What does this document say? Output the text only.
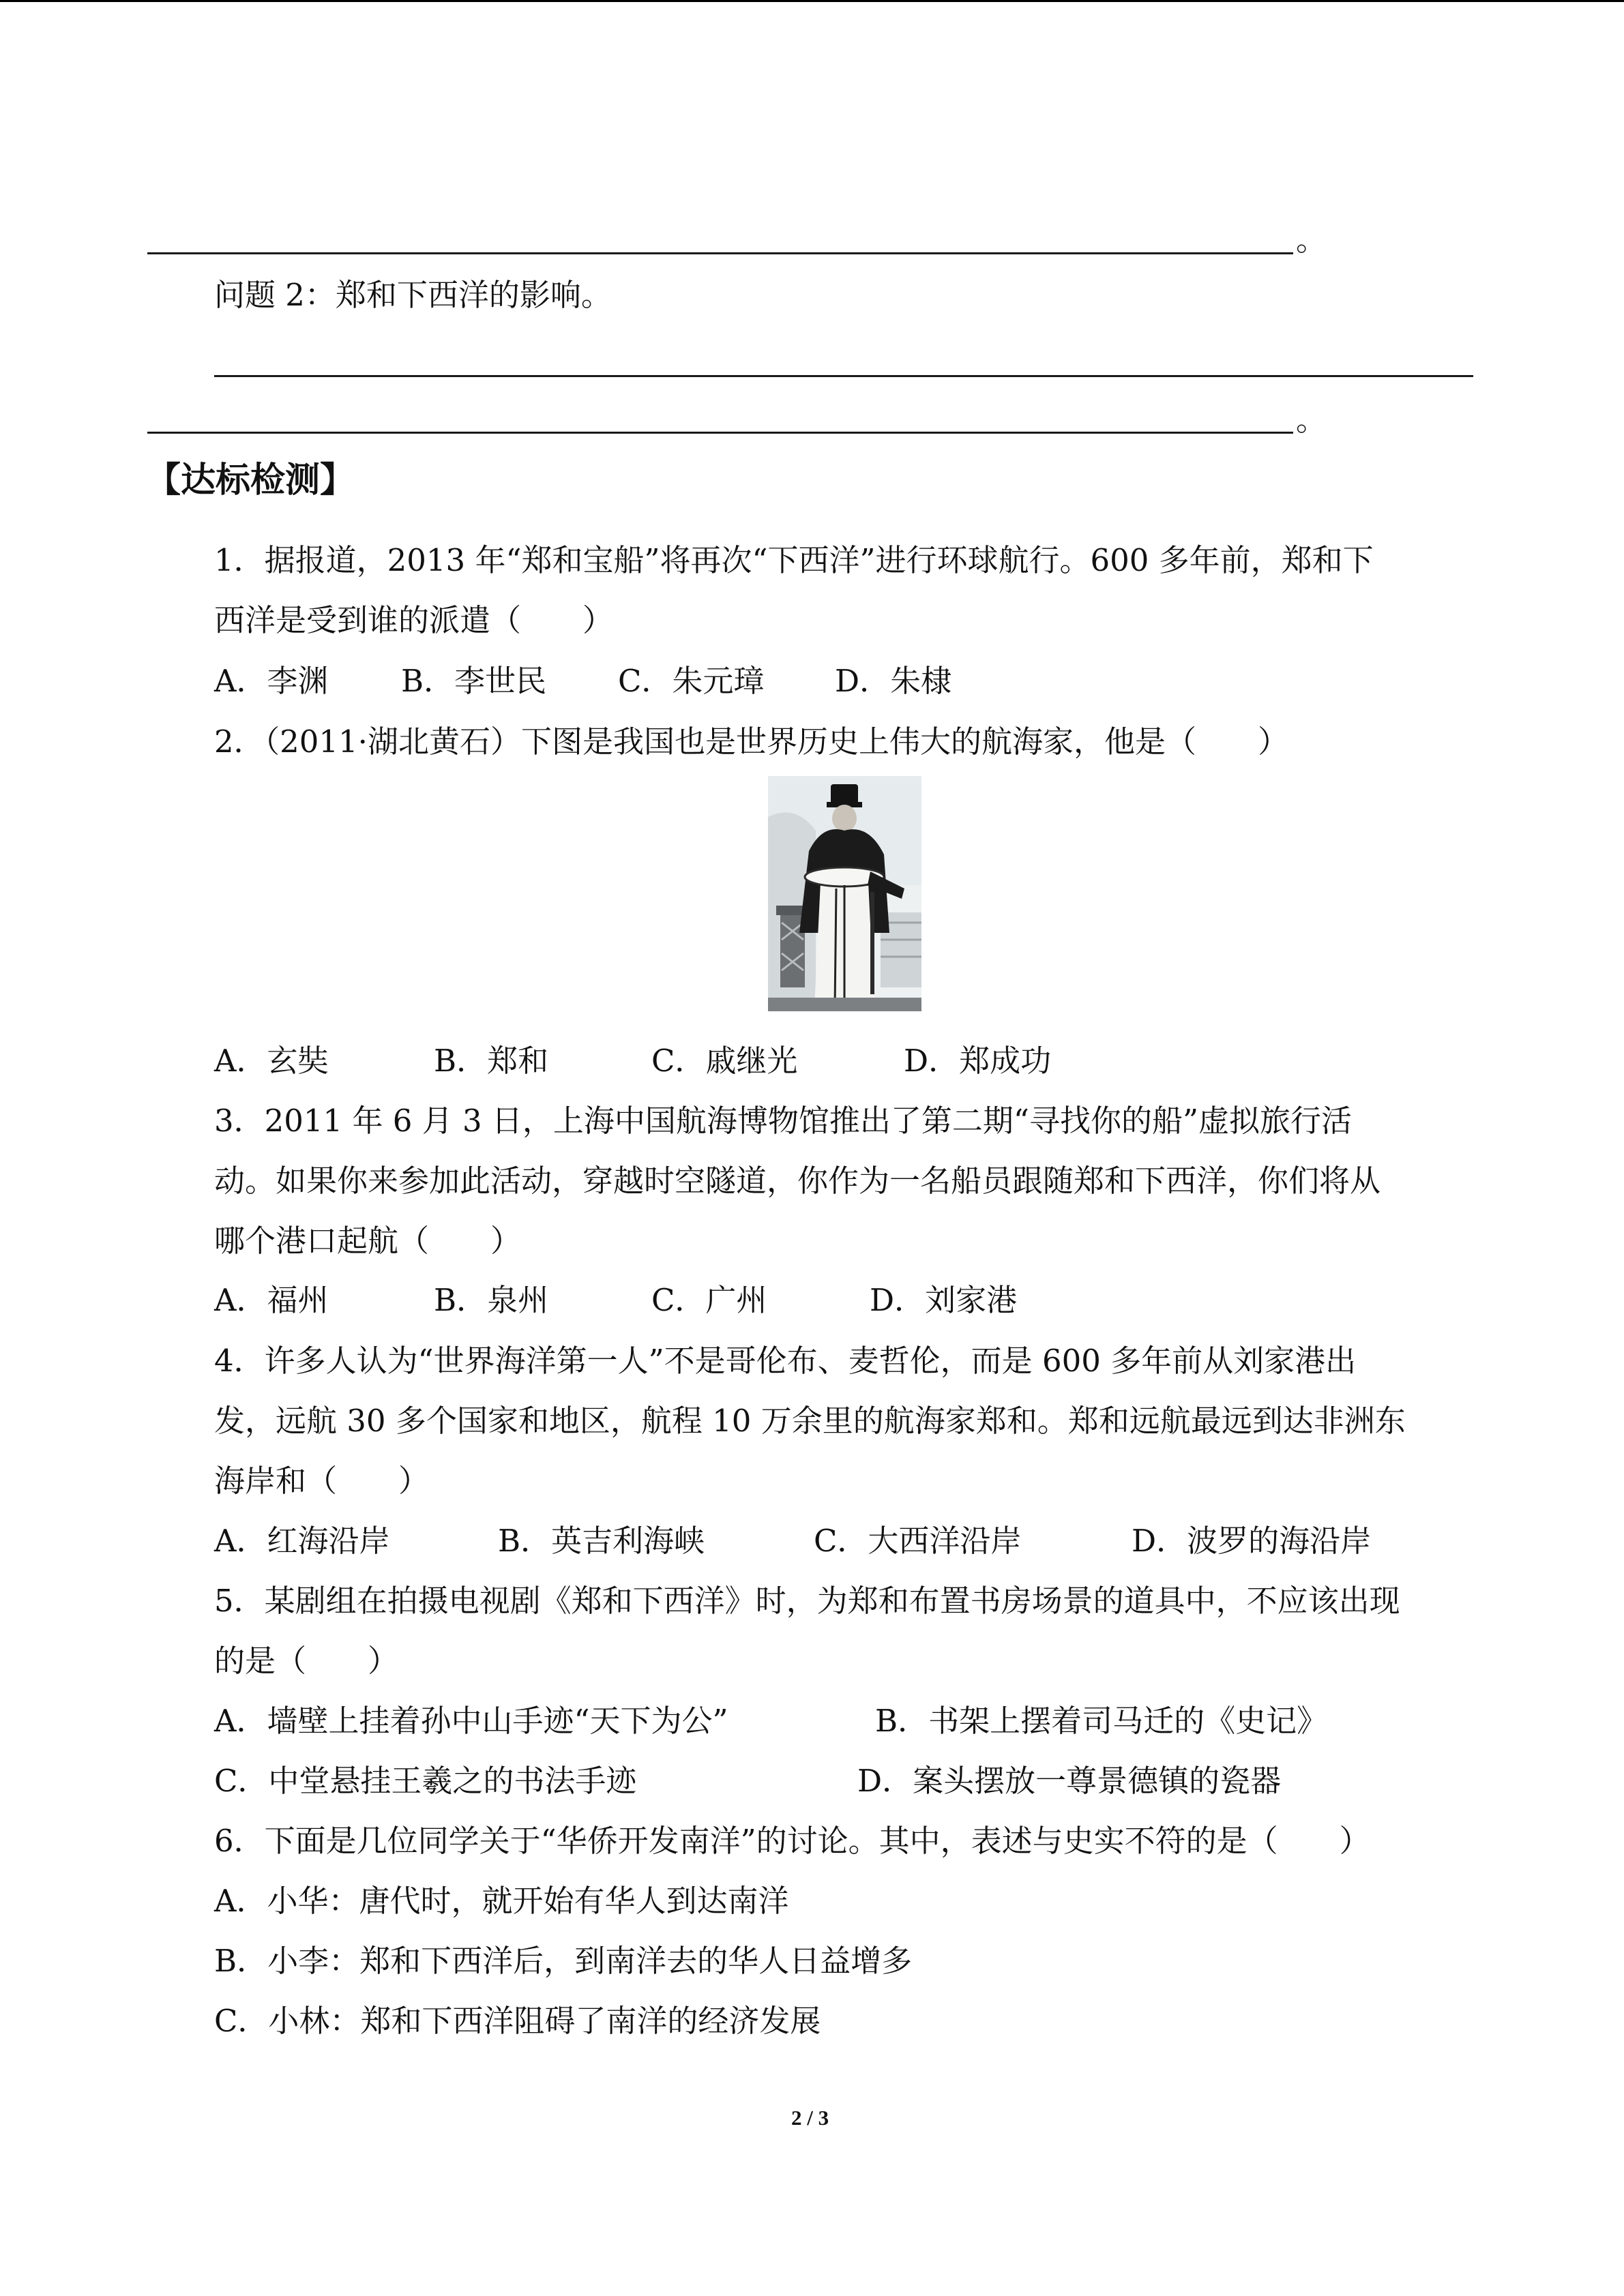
。
问题 2：郑和下西洋的影响。
。
【达标检测】
1．据报道，2013 年“郑和宝船”将再次“下西洋”进行环球航行。600 多年前，郑和下
西洋是受到谁的派遣（　　）
A．李渊 B．李世民 C．朱元璋 D．朱棣
2．（2011·湖北黄石）下图是我国也是世界历史上伟大的航海家，他是（　　）
A．玄奘	B．郑和	C．戚继光	D．郑成功
3．2011 年 6 月 3 日，上海中国航海博物馆推出了第二期“寻找你的船”虚拟旅行活
动。如果你来参加此活动，穿越时空隧道，你作为一名船员跟随郑和下西洋，你们将从
哪个港口起航（　　）
A．福州	B．泉州	C．广州	D．刘家港
4．许多人认为“世界海洋第一人”不是哥伦布、麦哲伦，而是 600 多年前从刘家港出
发，远航 30 多个国家和地区，航程 10 万余里的航海家郑和。郑和远航最远到达非洲东
海岸和（　　）
A．红海沿岸	B．英吉利海峡	C．大西洋沿岸	D．波罗的海沿岸
5．某剧组在拍摄电视剧《郑和下西洋》时，为郑和布置书房场景的道具中，不应该出现
的是（　　）
A．墙壁上挂着孙中山手迹“天下为公”	B．书架上摆着司马迁的《史记》
C．中堂悬挂王羲之的书法手迹	D．案头摆放一尊景德镇的瓷器
6．下面是几位同学关于“华侨开发南洋”的讨论。其中，表述与史实不符的是（　　）
A．小华：唐代时，就开始有华人到达南洋
B．小李：郑和下西洋后，到南洋去的华人日益增多
C．小林：郑和下西洋阻碍了南洋的经济发展
2 / 3
